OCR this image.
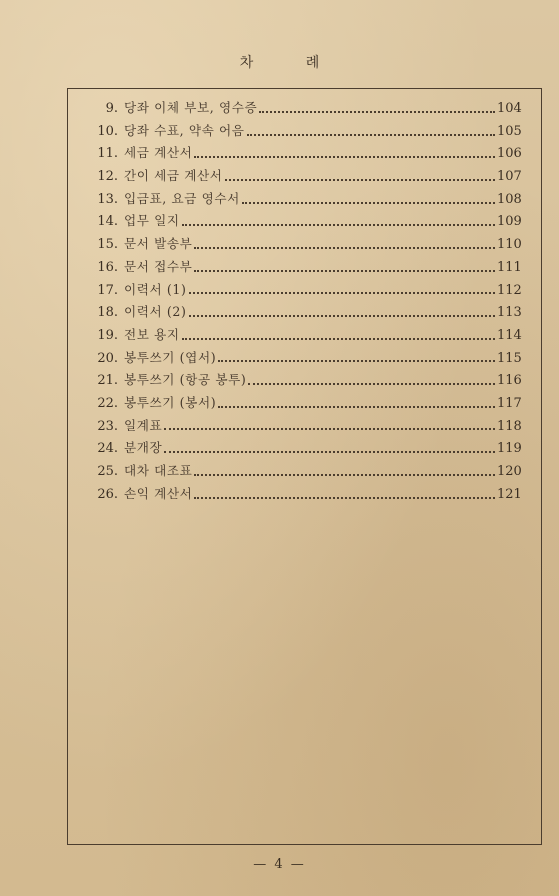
차 례
9. 당좌 이체 부보, 영수증	104
10. 당좌 수표, 약속 어음	105
11. 세금 계산서	106
12. 간이 세금 계산서	107
13. 입금표, 요금 영수서	108
14. 업무 일지	109
15. 문서 발송부	110
16. 문서 접수부	111
17. 이력서 (1)	112
18. 이력서 (2)	113
19. 전보 용지	114
20. 봉투쓰기 (엽서)	115
21. 봉투쓰기 (항공 봉투)	116
22. 봉투쓰기 (봉서)	117
23. 일계표	118
24. 분개장	119
25. 대차 대조표	120
26. 손익 계산서	121
— 4 —
